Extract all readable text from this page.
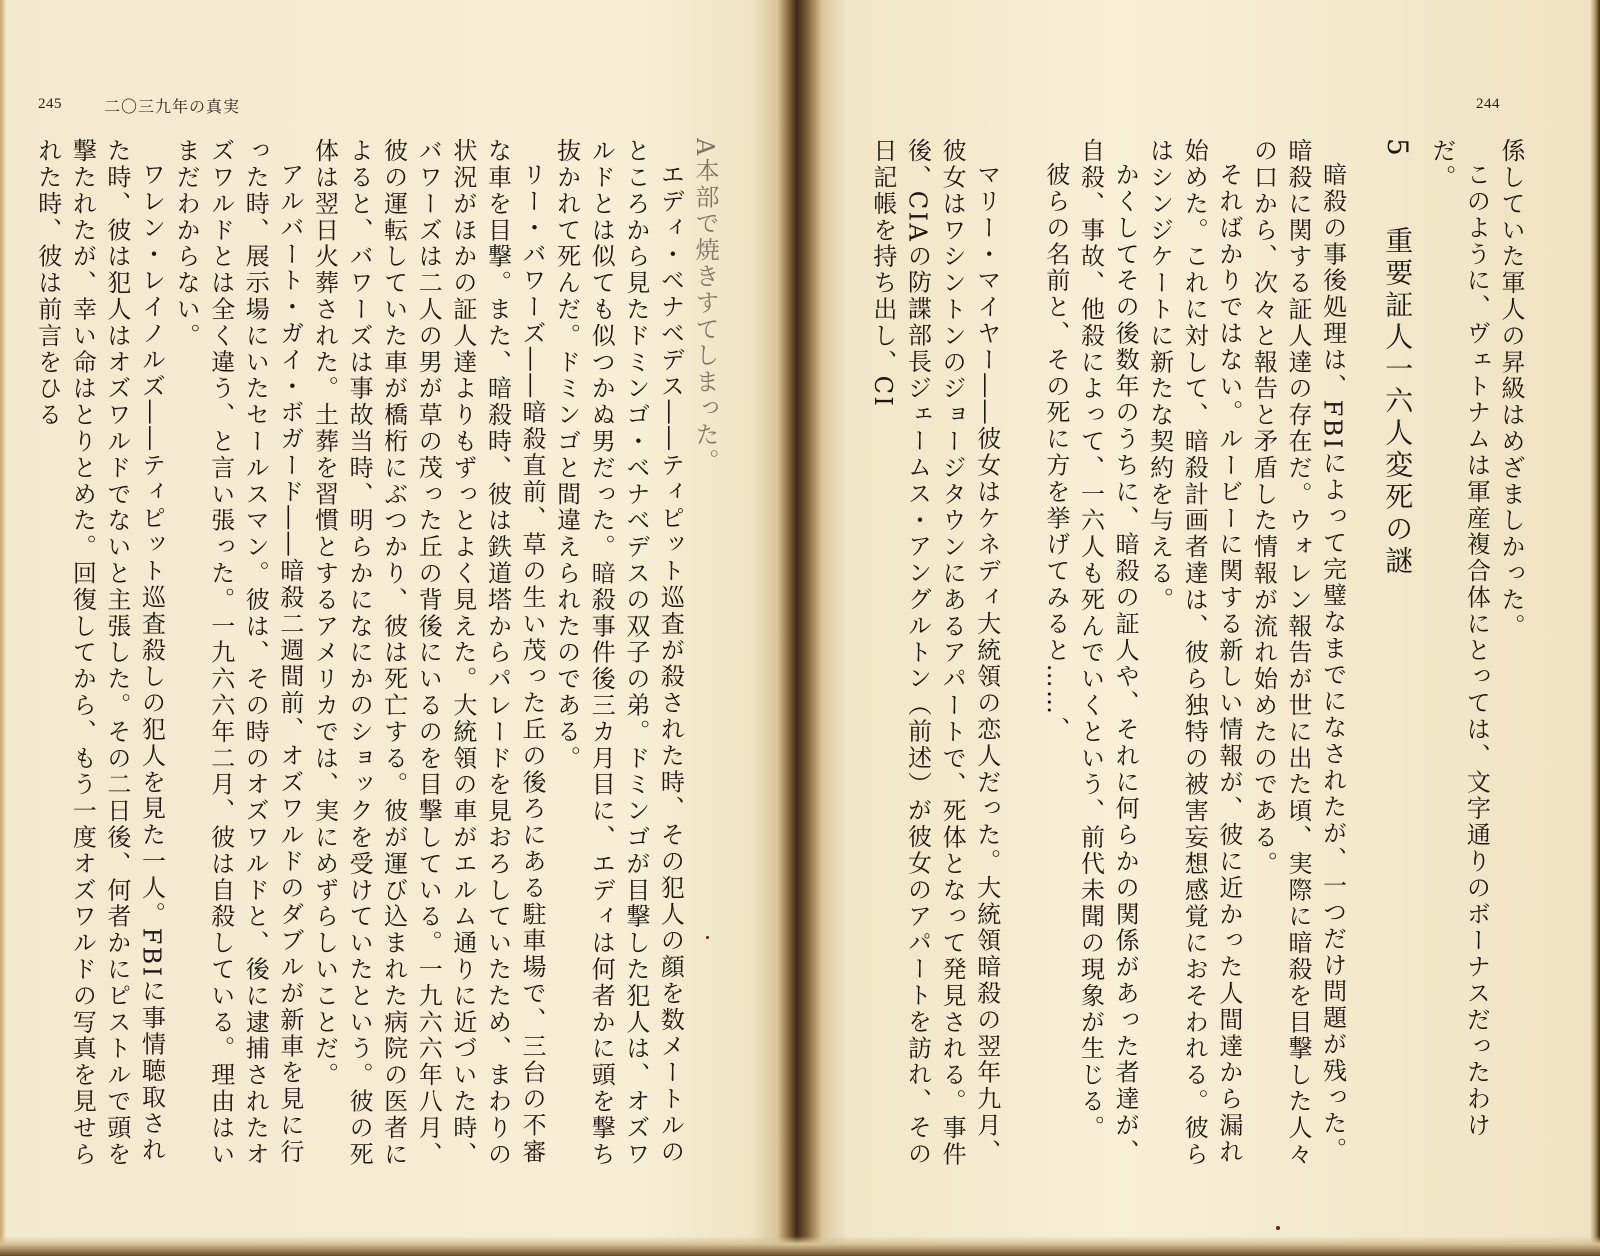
245	二〇三九年の真実

A本部で焼きすてしまった。

エディ・ベナベデス――ティピット巡査が殺された時、その犯人の顔を数メートルのところから見たドミンゴ・ベナベデスの双子の弟。ドミンゴが目撃した犯人は、オズワルドとは似ても似つかぬ男だった。暗殺事件後三カ月目に、エディは何者かに頭を撃ち抜かれて死んだ。ドミンゴと間違えられたのである。

リー・バワーズ――暗殺直前、草の生い茂った丘の後ろにある駐車場で、三台の不審な車を目撃。また、暗殺時、彼は鉄道塔からパレードを見おろしていたため、まわりの状況がほかの証人達よりもずっとよく見えた。大統領の車がエルム通りに近づいた時、バワーズは二人の男が草の茂った丘の背後にいるのを目撃している。一九六六年八月、彼の運転していた車が橋桁にぶつかり、彼は死亡する。彼が運び込まれた病院の医者によると、バワーズは事故当時、明らかになにかのショックを受けていたという。彼の死体は翌日火葬された。土葬を習慣とするアメリカでは、実にめずらしいことだ。

アルバート・ガイ・ボガード――暗殺二週間前、オズワルドのダブルが新車を見に行った時、展示場にいたセールスマン。彼は、その時のオズワルドと、後に逮捕されたオズワルドとは全く違う、と言い張った。一九六六年二月、彼は自殺している。理由はいまだわからない。

ワレン・レイノルズ――ティピット巡査殺しの犯人を見た一人。FBIに事情聴取された時、彼は犯人はオズワルドでないと主張した。その二日後、何者かにピストルで頭を撃たれたが、幸い命はとりとめた。回復してから、もう一度オズワルドの写真を見せられた時、彼は前言をひる

244

係していた軍人の昇級はめざましかった。

このように、ヴェトナムは軍産複合体にとっては、文字通りのボーナスだったわけだ。

5　重要証人一六人変死の謎

暗殺の事後処理は、FBIによって完璧なまでになされたが、一つだけ問題が残った。暗殺に関する証人達の存在だ。ウォレン報告が世に出た頃、実際に暗殺を目撃した人々の口から、次々と報告と矛盾した情報が流れ始めたのである。

そればかりではない。ルービーに関する新しい情報が、彼に近かった人間達から漏れ始めた。これに対して、暗殺計画者達は、彼ら独特の被害妄想感覚におそわれる。彼らはシンジケートに新たな契約を与える。

かくしてその後数年のうちに、暗殺の証人や、それに何らかの関係があった者達が、自殺、事故、他殺によって、一六人も死んでいくという、前代未聞の現象が生じる。

彼らの名前と、その死に方を挙げてみると……、

マリー・マイヤー――彼女はケネディ大統領の恋人だった。大統領暗殺の翌年九月、彼女はワシントンのジョージタウンにあるアパートで、死体となって発見される。事件後、CIAの防諜部長ジェームス・アングルトン（前述）が彼女のアパートを訪れ、その日記帳を持ち出し、CI
